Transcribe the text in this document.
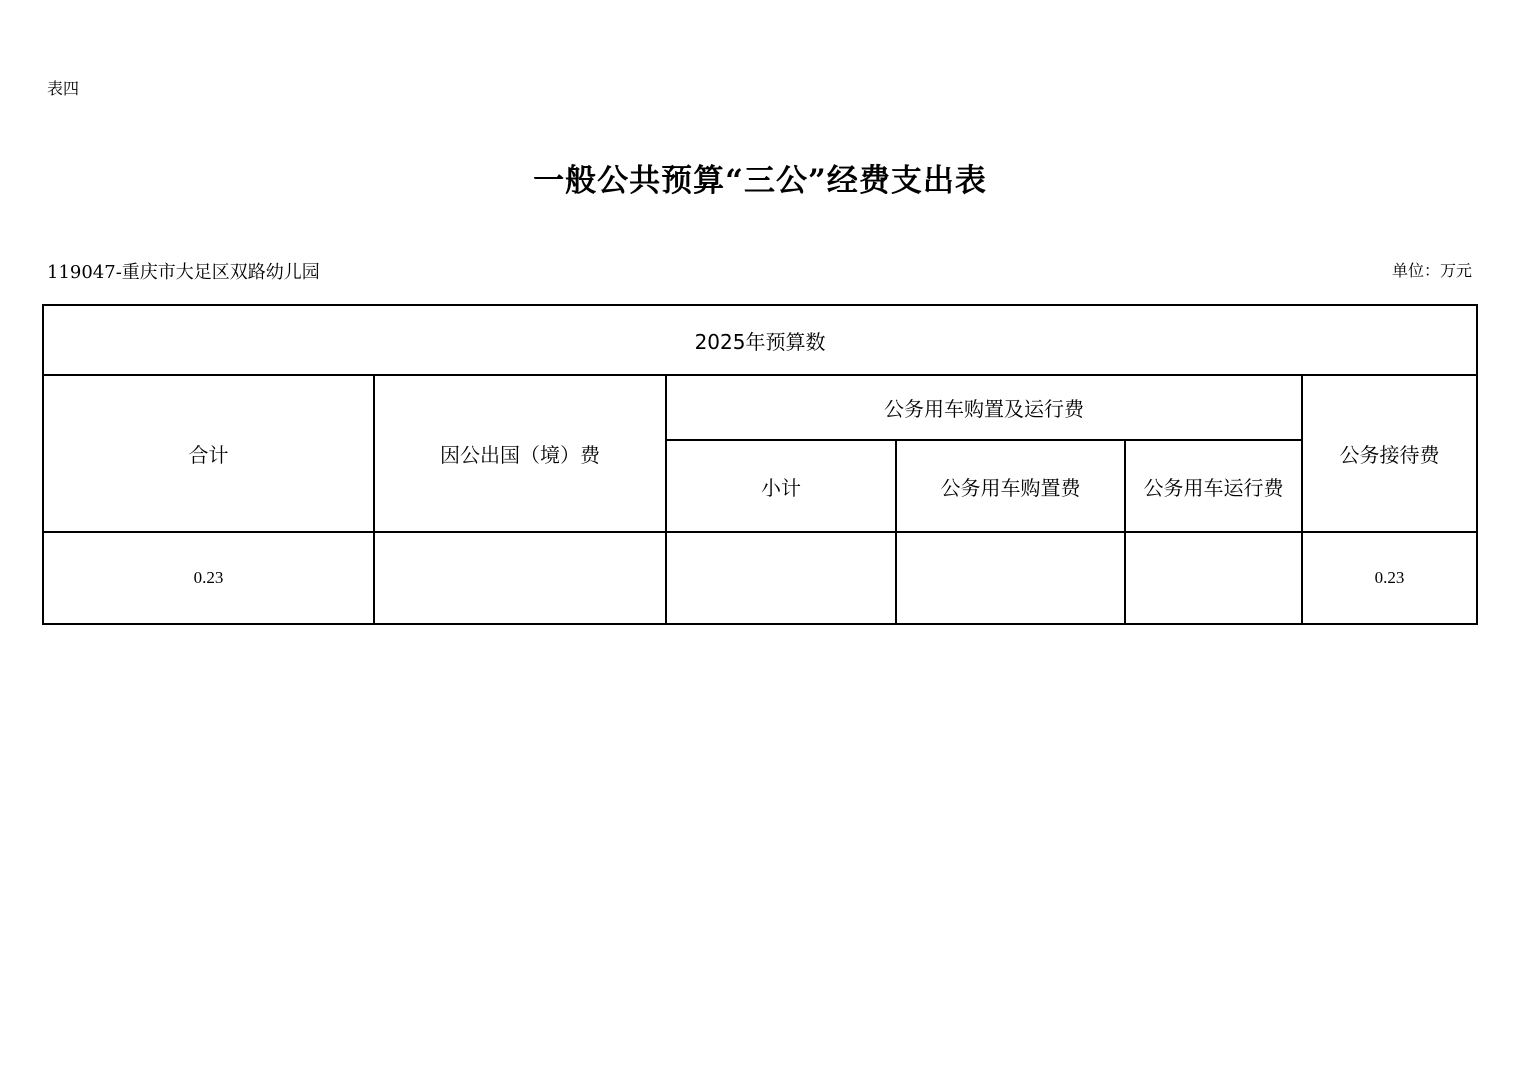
表四
一般公共预算“三公”经费支出表
119047-重庆市大足区双路幼儿园	单位：万元
2025年预算数					
合计	因公出国（境）费	公务用车购置及运行费			公务接待费
		小计	公务用车购置费	公务用车运行费	
0.23					0.23
